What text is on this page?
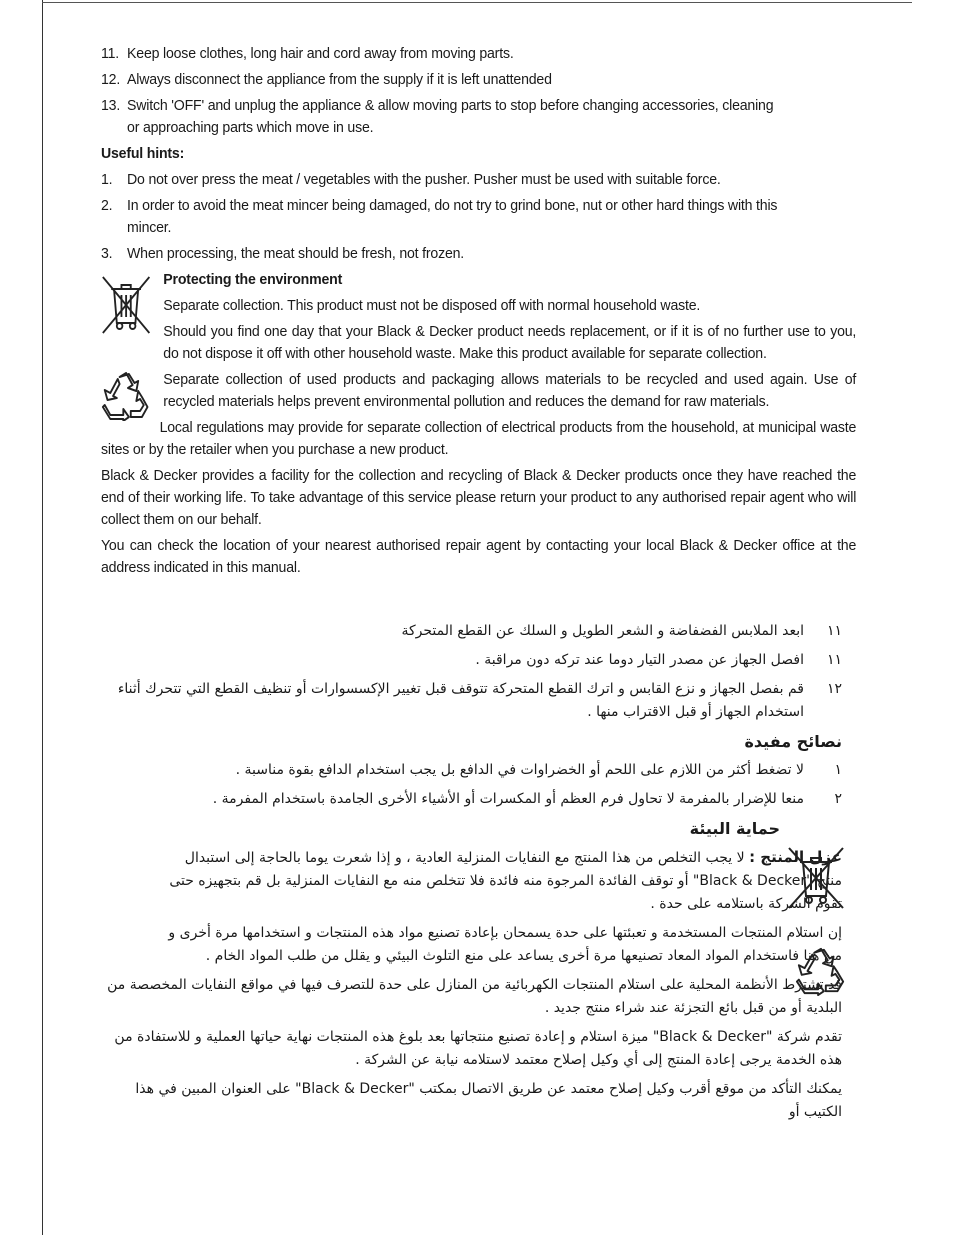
11. Keep loose clothes, long hair and cord away from moving parts.

12. Always disconnect the appliance from the supply if it is left unattended

13. Switch 'OFF' and unplug the appliance & allow moving parts to stop before changing accessories, cleaning or approaching parts which move in use.

Useful hints:

1. Do not over press the meat / vegetables with the pusher. Pusher must be used with suitable force.

2. In order to avoid the meat mincer being damaged, do not try to grind bone, nut or other hard things with this mincer.

3. When processing, the meat should be fresh, not frozen.

Protecting the environment

Separate collection. This product must not be disposed off with normal household waste.

Should you find one day that your Black & Decker product needs replacement, or if it is of no further use to you, do not dispose it off with other household waste. Make this product available for separate collection.

Separate collection of used products and packaging allows materials to be recycled and used again. Use of recycled materials helps prevent environmental pollution and reduces the demand for raw materials.

Local regulations may provide for separate collection of electrical products from the household, at municipal waste sites or by the retailer when you purchase a new product.

Black & Decker provides a facility for the collection and recycling of Black & Decker products once they have reached the end of their working life. To take advantage of this service please return your product to any authorised repair agent who will collect them on our behalf.

You can check the location of your nearest authorised repair agent by contacting your local Black & Decker office at the address indicated in this manual.

١١
ابعد الملابس الفضفاضة و الشعر الطويل و السلك عن القطع المتحركة

١١
افصل الجهاز عن مصدر التيار دوما عند تركه دون مراقبة .

١٢
قم بفصل الجهاز و نزع القابس و اترك القطع المتحركة تتوقف قبل تغيير الإكسسوارات أو تنظيف القطع التي تتحرك أثناء استخدام الجهاز أو قبل الاقتراب منها .

نصائح مفيدة

١
لا تضغط أكثر من اللازم على اللحم أو الخضراوات في الدافع بل يجب استخدام الدافع بقوة مناسبة .

٢
منعا للإضرار بالمفرمة لا تحاول فرم العظم أو المكسرات أو الأشياء الأخرى الجامدة باستخدام المفرمة .

حماية البيئة

عزل المنتج : لا يجب التخلص من هذا المنتج مع النفايات المنزلية العادية ، و إذا شعرت يوما بالحاجة إلى استبدال منتج "Black & Decker" أو توقف الفائدة المرجوة منه فائدة فلا تتخلص منه مع النفايات المنزلية بل قم بتجهيزه حتى تقوم الشركة باستلامه على حدة .

إن استلام المنتجات المستخدمة و تعبئتها على حدة يسمحان بإعادة تصنيع مواد هذه المنتجات و استخدامها مرة أخرى و من هنا فاستخدام المواد المعاد تصنيعها مرة أخرى يساعد على منع التلوث البيئي و يقلل من طلب المواد الخام .

قد تشترط الأنظمة المحلية على استلام المنتجات الكهربائية من المنازل على حدة للتصرف فيها في مواقع النفايات المخصصة من البلدية أو من قبل بائع التجزئة عند شراء منتج جديد .

تقدم شركة "Black & Decker" ميزة استلام و إعادة تصنيع منتجاتها بعد بلوغ هذه المنتجات نهاية حياتها العملية و للاستفادة من هذه الخدمة يرجى إعادة المنتج إلى أي وكيل إصلاح معتمد لاستلامه نيابة عن الشركة .

يمكنك التأكد من موقع أقرب وكيل إصلاح معتمد عن طريق الاتصال بمكتب "Black & Decker" على العنوان المبين في هذا الكتيب أو
